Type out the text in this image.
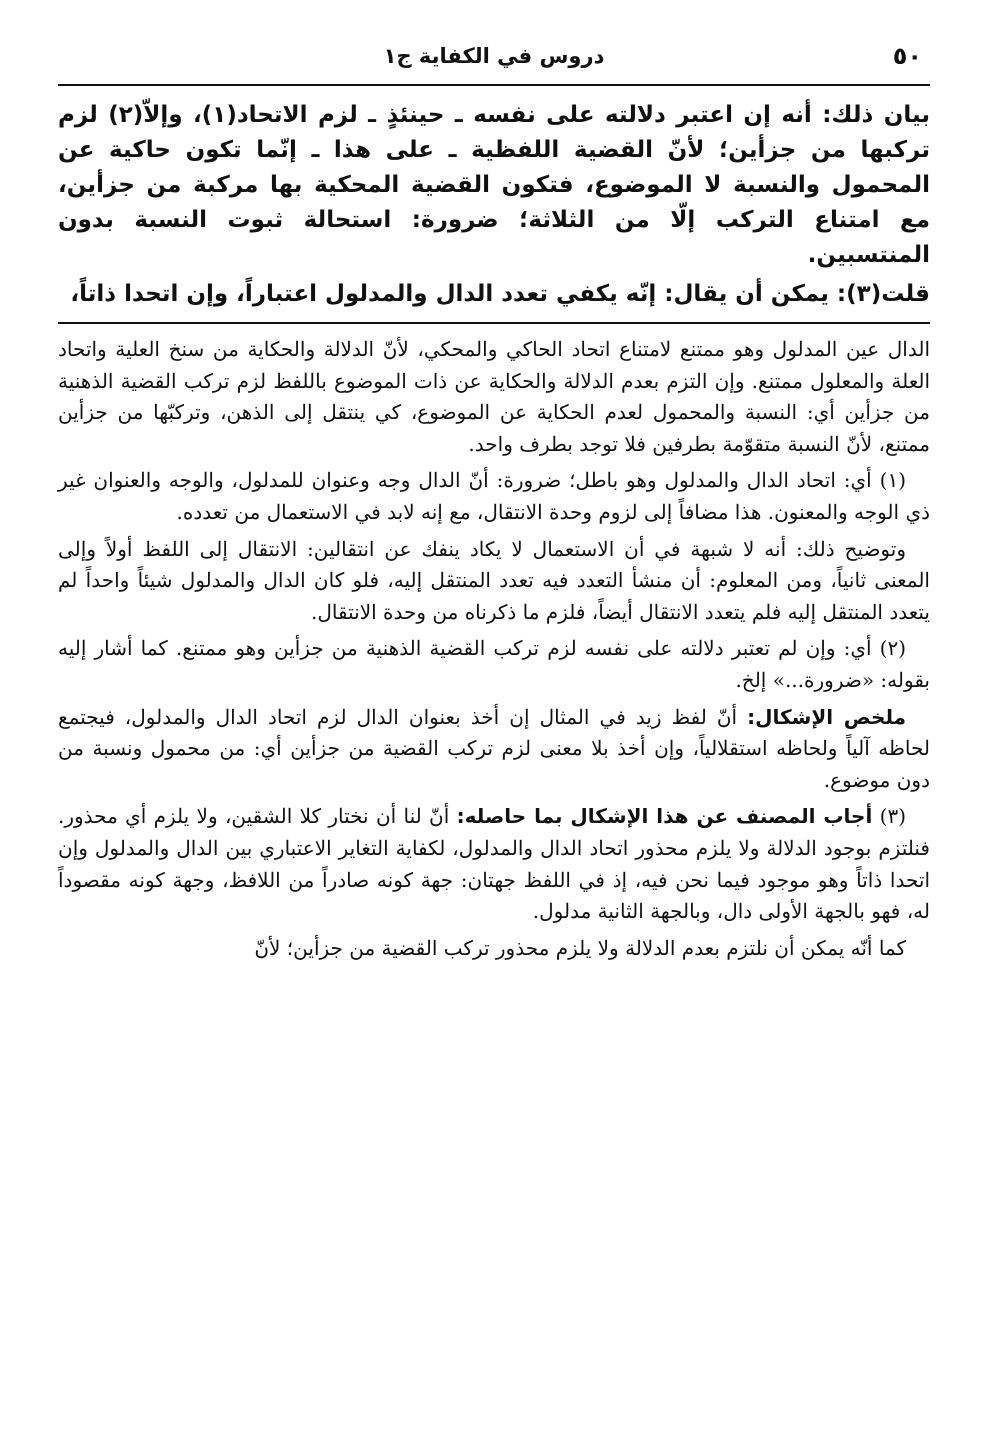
دروس في الكفاية ج١	٥٠

بيان ذلك: أنه إن اعتبر دلالته على نفسه ـ حينئذٍ ـ لزم الاتحاد(١)، وإلاّ(٢) لزم تركبها من جزأين؛ لأنّ القضية اللفظية ـ على هذا ـ إنّما تكون حاكية عن المحمول والنسبة لا الموضوع، فتكون القضية المحكية بها مركبة من جزأين، مع امتناع التركب إلّا من الثلاثة؛ ضرورة: استحالة ثبوت النسبة بدون المنتسبين.

قلت(٣): يمكن أن يقال: إنّه يكفي تعدد الدال والمدلول اعتباراً، وإن اتحدا ذاتاً،

الدال عين المدلول وهو ممتنع لامتناع اتحاد الحاكي والمحكي، لأنّ الدلالة والحكاية من سنخ العلية واتحاد العلة والمعلول ممتنع. وإن التزم بعدم الدلالة والحكاية عن ذات الموضوع باللفظ لزم تركب القضية الذهنية من جزأين أي: النسبة والمحمول لعدم الحكاية عن الموضوع، كي ينتقل إلى الذهن، وتركبّها من جزأين ممتنع، لأنّ النسبة متقوّمة بطرفين فلا توجد بطرف واحد.

(١) أي: اتحاد الدال والمدلول وهو باطل؛ ضرورة: أنّ الدال وجه وعنوان للمدلول، والوجه والعنوان غير ذي الوجه والمعنون. هذا مضافاً إلى لزوم وحدة الانتقال، مع إنه لابد في الاستعمال من تعدده.

وتوضيح ذلك: أنه لا شبهة في أن الاستعمال لا يكاد ينفك عن انتقالين: الانتقال إلى اللفظ أولاً وإلى المعنى ثانياً، ومن المعلوم: أن منشأ التعدد فيه تعدد المنتقل إليه، فلو كان الدال والمدلول شيئاً واحداً لم يتعدد المنتقل إليه فلم يتعدد الانتقال أيضاً، فلزم ما ذكرناه من وحدة الانتقال.

(٢) أي: وإن لم تعتبر دلالته على نفسه لزم تركب القضية الذهنية من جزأين وهو ممتنع. كما أشار إليه بقوله: «ضرورة...» إلخ.

ملخص الإشكال: أنّ لفظ زيد في المثال إن أخذ بعنوان الدال لزم اتحاد الدال والمدلول، فيجتمع لحاظه آلياً ولحاظه استقلالياً، وإن أخذ بلا معنى لزم تركب القضية من جزأين أي: من محمول ونسبة من دون موضوع.

(٣) أجاب المصنف عن هذا الإشكال بما حاصله: أنّ لنا أن نختار كلا الشقين، ولا يلزم أي محذور. فنلتزم بوجود الدلالة ولا يلزم محذور اتحاد الدال والمدلول، لكفاية التغاير الاعتباري بين الدال والمدلول وإن اتحدا ذاتاً وهو موجود فيما نحن فيه، إذ في اللفظ جهتان: جهة كونه صادراً من اللافظ، وجهة كونه مقصوداً له، فهو بالجهة الأولى دال، وبالجهة الثانية مدلول.

كما أنّه يمكن أن نلتزم بعدم الدلالة ولا يلزم محذور تركب القضية من جزأين؛ لأنّ
